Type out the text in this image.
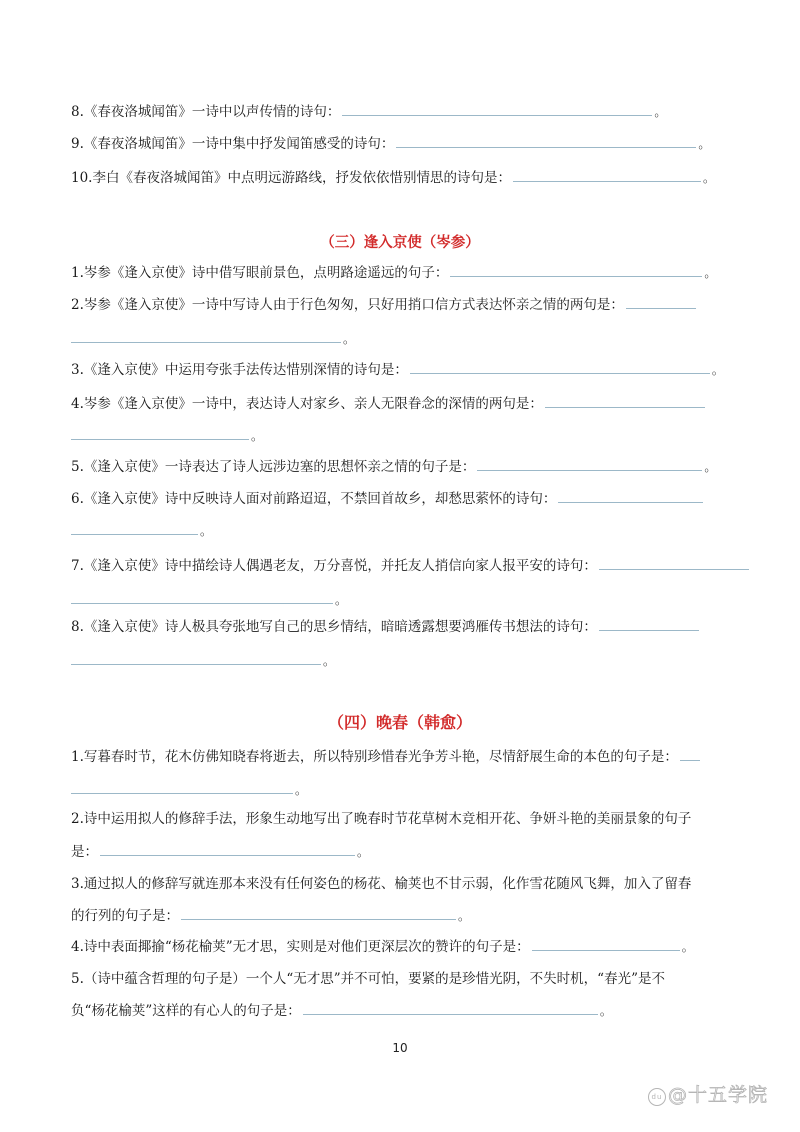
8.《春夜洛城闻笛》一诗中以声传情的诗句：	。
9.《春夜洛城闻笛》一诗中集中抒发闻笛感受的诗句：	。
10.李白《春夜洛城闻笛》中点明远游路线，抒发依依惜别情思的诗句是：	。
（三）逢入京使（岑参）
1.岑参《逢入京使》诗中借写眼前景色，点明路途遥远的句子：	。
2.岑参《逢入京使》一诗中写诗人由于行色匆匆，只好用捎口信方式表达怀亲之情的两句是：
。
3.《逢入京使》中运用夸张手法传达惜别深情的诗句是：	。
4.岑参《逢入京使》一诗中，表达诗人对家乡、亲人无限眷念的深情的两句是：
。
5.《逢入京使》一诗表达了诗人远涉边塞的思想怀亲之情的句子是：	。
6.《逢入京使》诗中反映诗人面对前路迢迢，不禁回首故乡，却愁思萦怀的诗句：
。
7.《逢入京使》诗中描绘诗人偶遇老友，万分喜悦，并托友人捎信向家人报平安的诗句：
。
8.《逢入京使》诗人极具夸张地写自己的思乡情结，暗暗透露想要鸿雁传书想法的诗句：
。
（四）晚春（韩愈）
1.写暮春时节，花木仿佛知晓春将逝去，所以特别珍惜春光争芳斗艳，尽情舒展生命的本色的句子是：
。
2.诗中运用拟人的修辞手法，形象生动地写出了晚春时节花草树木竞相开花、争妍斗艳的美丽景象的句子
是：	。
3.通过拟人的修辞写就连那本来没有任何姿色的杨花、榆荚也不甘示弱，化作雪花随风飞舞，加入了留春
的行列的句子是：	。
4.诗中表面揶揄“杨花榆荚”无才思，实则是对他们更深层次的赞许的句子是：	。
5.（诗中蕴含哲理的句子是）一个人“无才思”并不可怕，要紧的是珍惜光阴，不失时机，“春光”是不
负“杨花榆荚”这样的有心人的句子是：	。
10
du @十五学院
